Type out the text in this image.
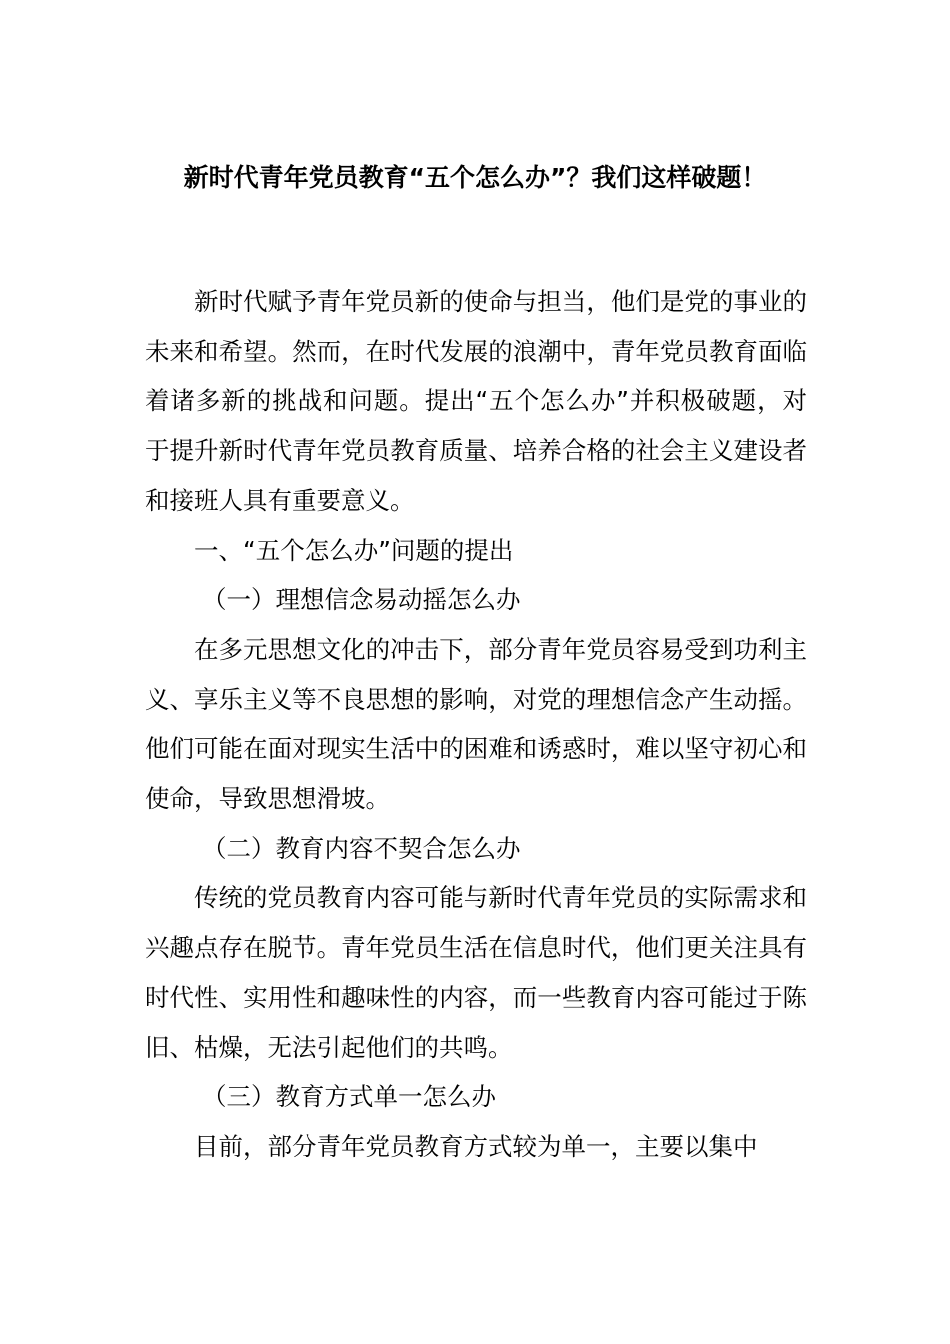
新时代青年党员教育“五个怎么办”？我们这样破题！

新时代赋予青年党员新的使命与担当，他们是党的事业的未来和希望。然而，在时代发展的浪潮中，青年党员教育面临着诸多新的挑战和问题。提出“五个怎么办”并积极破题，对于提升新时代青年党员教育质量、培养合格的社会主义建设者和接班人具有重要意义。

一、“五个怎么办”问题的提出

（一）理想信念易动摇怎么办

在多元思想文化的冲击下，部分青年党员容易受到功利主义、享乐主义等不良思想的影响，对党的理想信念产生动摇。他们可能在面对现实生活中的困难和诱惑时，难以坚守初心和使命，导致思想滑坡。

（二）教育内容不契合怎么办

传统的党员教育内容可能与新时代青年党员的实际需求和兴趣点存在脱节。青年党员生活在信息时代，他们更关注具有时代性、实用性和趣味性的内容，而一些教育内容可能过于陈旧、枯燥，无法引起他们的共鸣。

（三）教育方式单一怎么办

目前，部分青年党员教育方式较为单一，主要以集中
